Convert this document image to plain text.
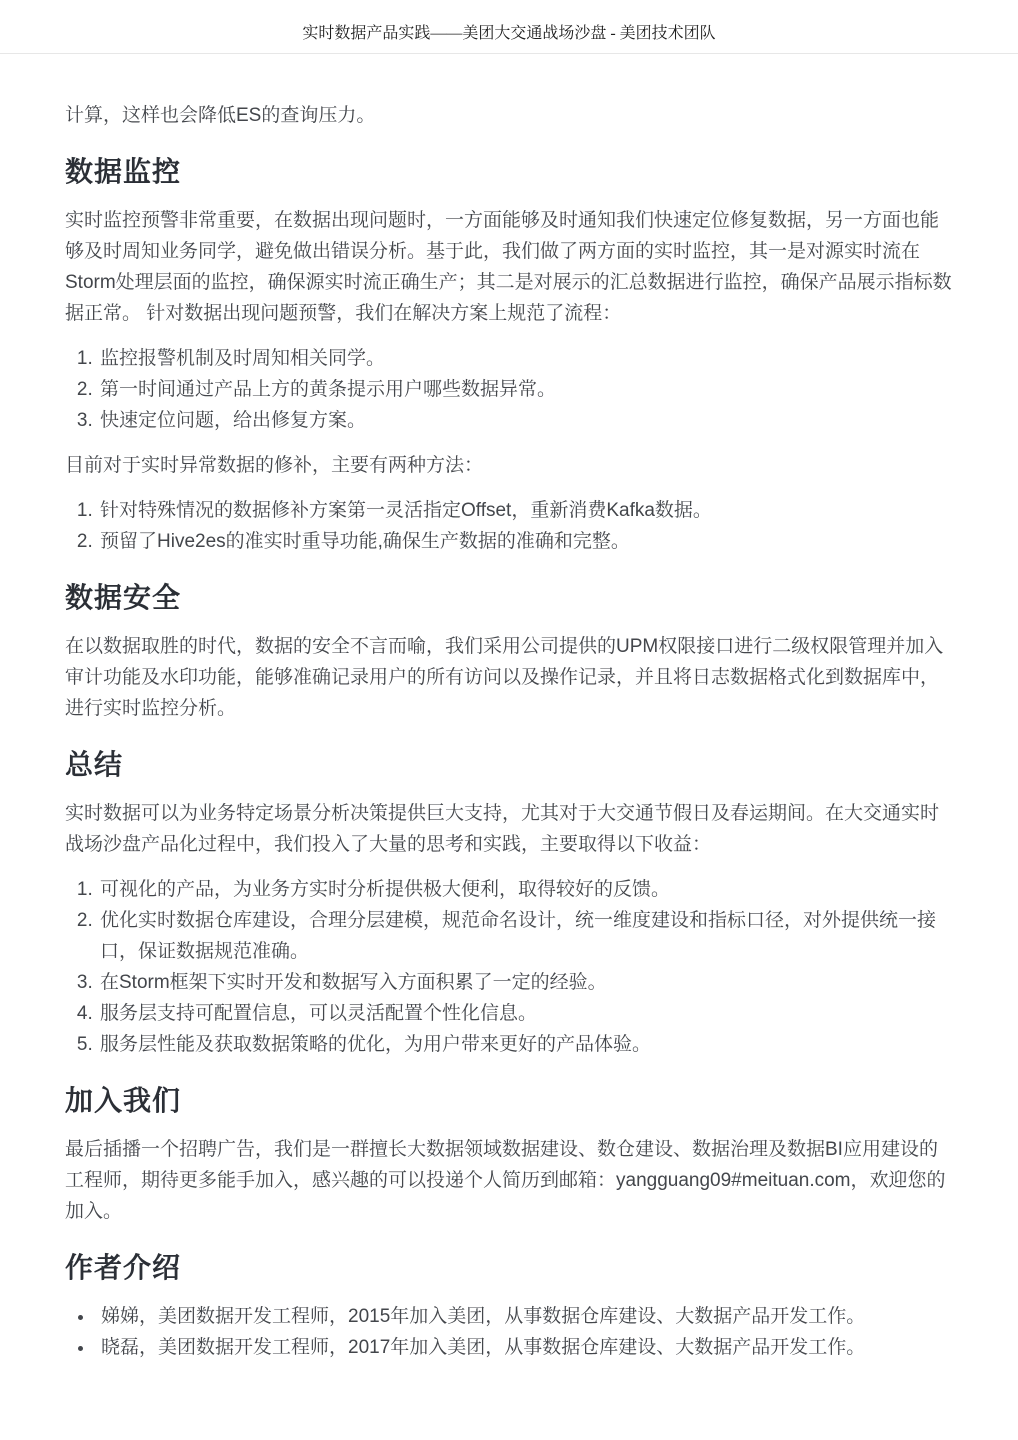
实时数据产品实践——美团大交通战场沙盘 - 美团技术团队

计算，这样也会降低ES的查询压力。

数据监控

实时监控预警非常重要，在数据出现问题时，一方面能够及时通知我们快速定位修复数据，另一方面也能够及时周知业务同学，避免做出错误分析。基于此，我们做了两方面的实时监控，其一是对源实时流在Storm处理层面的监控，确保源实时流正确生产；其二是对展示的汇总数据进行监控，确保产品展示指标数据正常。 针对数据出现问题预警，我们在解决方案上规范了流程：

1. 监控报警机制及时周知相关同学。
2. 第一时间通过产品上方的黄条提示用户哪些数据异常。
3. 快速定位问题，给出修复方案。

目前对于实时异常数据的修补，主要有两种方法：

1. 针对特殊情况的数据修补方案第一灵活指定Offset，重新消费Kafka数据。
2. 预留了Hive2es的准实时重导功能,确保生产数据的准确和完整。
数据安全

在以数据取胜的时代，数据的安全不言而喻，我们采用公司提供的UPM权限接口进行二级权限管理并加入审计功能及水印功能，能够准确记录用户的所有访问以及操作记录，并且将日志数据格式化到数据库中，进行实时监控分析。

总结

实时数据可以为业务特定场景分析决策提供巨大支持，尤其对于大交通节假日及春运期间。在大交通实时战场沙盘产品化过程中，我们投入了大量的思考和实践，主要取得以下收益：

1. 可视化的产品，为业务方实时分析提供极大便利，取得较好的反馈。
2. 优化实时数据仓库建设，合理分层建模，规范命名设计，统一维度建设和指标口径，对外提供统一接口，保证数据规范准确。
3. 在Storm框架下实时开发和数据写入方面积累了一定的经验。
4. 服务层支持可配置信息，可以灵活配置个性化信息。
5. 服务层性能及获取数据策略的优化，为用户带来更好的产品体验。
加入我们

最后插播一个招聘广告，我们是一群擅长大数据领域数据建设、数仓建设、数据治理及数据BI应用建设的工程师，期待更多能手加入，感兴趣的可以投递个人简历到邮箱：yangguang09#meituan.com，欢迎您的加入。

作者介绍
• 娣娣，美团数据开发工程师，2015年加入美团，从事数据仓库建设、大数据产品开发工作。
• 晓磊，美团数据开发工程师，2017年加入美团，从事数据仓库建设、大数据产品开发工作。
